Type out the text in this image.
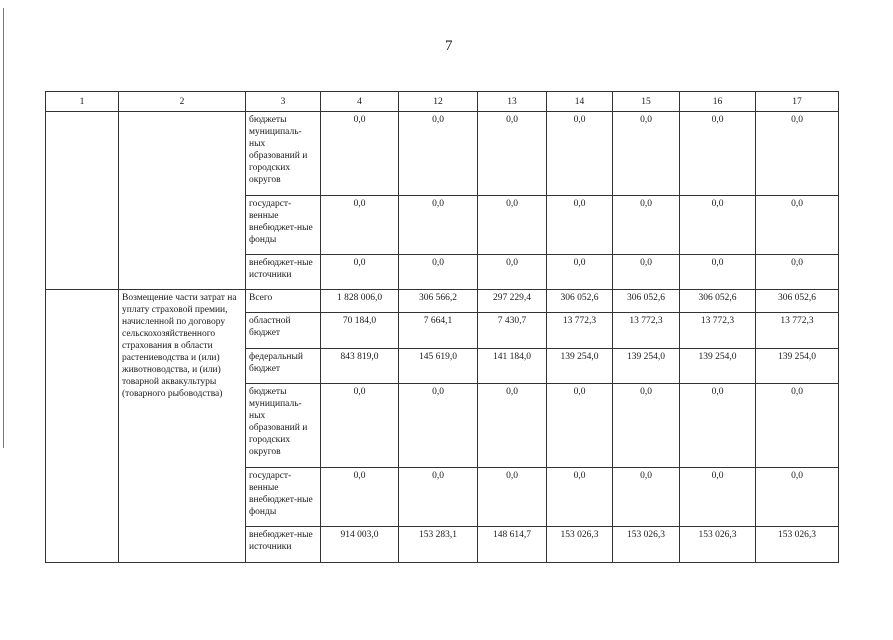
7
1	2	3	4	12	13	14	15	16	17
		бюджеты муниципаль-ных образований и городских округов	0,0	0,0	0,0	0,0	0,0	0,0	0,0
		государст-венные внебюджет-ные фонды	0,0	0,0	0,0	0,0	0,0	0,0	0,0
		внебюджет-ные источники	0,0	0,0	0,0	0,0	0,0	0,0	0,0
	Возмещение части затрат на уплату страховой премии, начисленной по договору сельскохозяйственного страхования в области растениеводства и (или) животноводства, и (или) товарной аквакультуры (товарного рыбоводства)	Всего	1 828 006,0	306 566,2	297 229,4	306 052,6	306 052,6	306 052,6	306 052,6
		областной бюджет	70 184,0	7 664,1	7 430,7	13 772,3	13 772,3	13 772,3	13 772,3
		федеральный бюджет	843 819,0	145 619,0	141 184,0	139 254,0	139 254,0	139 254,0	139 254,0
		бюджеты муниципаль-ных образований и городских округов	0,0	0,0	0,0	0,0	0,0	0,0	0,0
		государст-венные внебюджет-ные фонды	0,0	0,0	0,0	0,0	0,0	0,0	0,0
		внебюджет-ные источники	914 003,0	153 283,1	148 614,7	153 026,3	153 026,3	153 026,3	153 026,3
